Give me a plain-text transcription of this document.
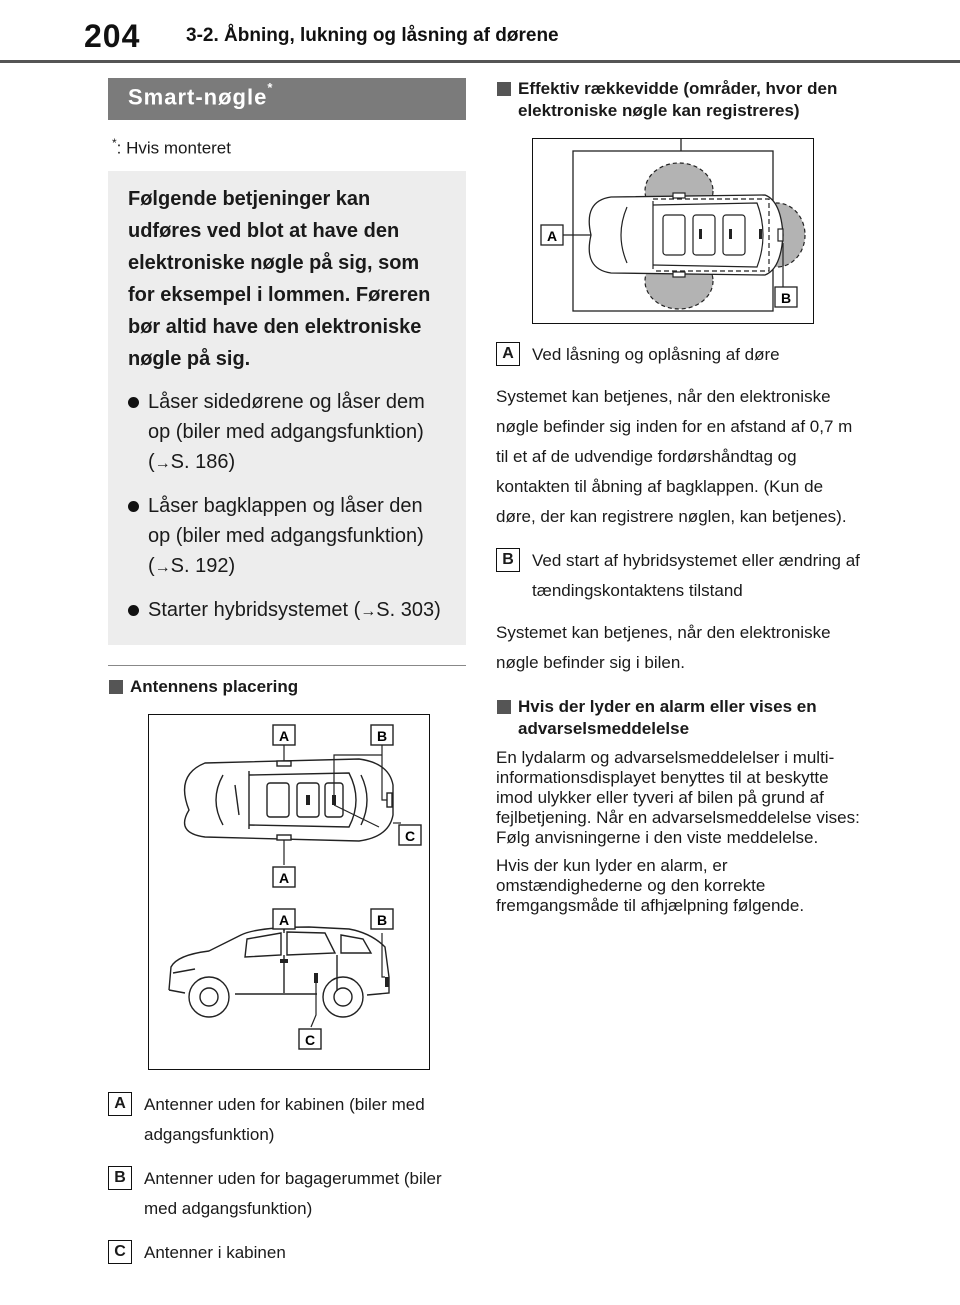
204 3-2. Åbning, lukning og låsning af dørene
Smart-nøgle*
*: Hvis monteret
Følgende betjeninger kan udføres ved blot at have den elektroniske nøgle på sig, som for eksempel i lommen. Føreren bør altid have den elektroniske nøgle på sig.
Låser sidedørene og låser dem op (biler med adgangsfunktion) (→S. 186)
Låser bagklappen og låser den op (biler med adgangsfunktion) (→S. 192)
Starter hybridsystemet (→S. 303)
Antennens placering
A	B
C
A
A	B
C
A	Antenner uden for kabinen (biler med adgangsfunktion)
B	Antenner uden for bagagerummet (biler med adgangsfunktion)
C	Antenner i kabinen
Effektiv rækkevidde (områder, hvor den elektroniske nøgle kan registreres)
A
B
A	Ved låsning og oplåsning af døre
Systemet kan betjenes, når den elektroniske nøgle befinder sig inden for en afstand af 0,7 m til et af de udvendige fordørshåndtag og kontakten til åbning af bagklappen. (Kun de døre, der kan registrere nøglen, kan betjenes).
B	Ved start af hybridsystemet eller ændring af tændingskontaktens tilstand
Systemet kan betjenes, når den elektroniske nøgle befinder sig i bilen.
Hvis der lyder en alarm eller vises en advarselsmeddelelse
En lydalarm og advarselsmeddelelser i multi-informationsdisplayet benyttes til at beskytte imod ulykker eller tyveri af bilen på grund af fejlbetjening. Når en advarselsmeddelelse vises: Følg anvisningerne i den viste meddelelse.
Hvis der kun lyder en alarm, er omstændighederne og den korrekte fremgangsmåde til afhjælpning følgende.
